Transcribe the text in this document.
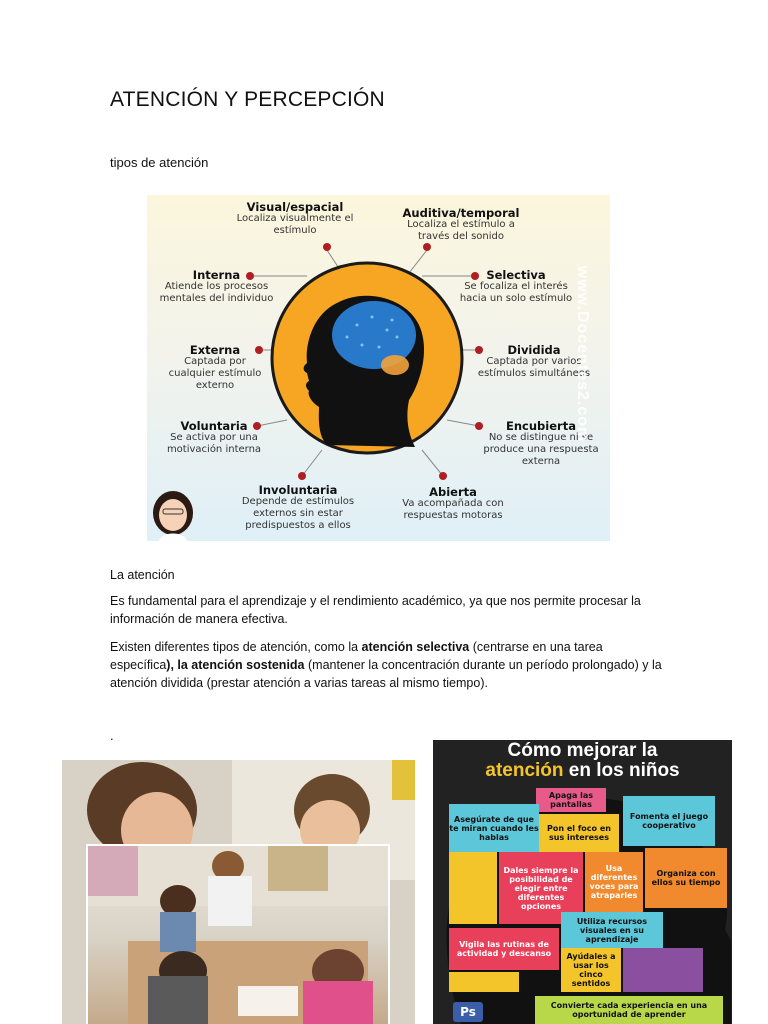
ATENCIÓN Y PERCEPCIÓN
tipos de atención
Visual/espacial
Localiza visualmente el estímulo
Auditiva/temporal
Localiza el estímulo a través del sonido
Interna
Atiende los procesos mentales del individuo
Selectiva
Se focaliza el interés hacia un solo estímulo
Externa
Captada por cualquier estímulo externo
Dividida
Captada por varios estímulos simultáneos
Voluntaria
Se activa por una motivación interna
Encubierta
No se distingue ni se produce una respuesta externa
Involuntaria
Depende de estímulos externos sin estar predispuestos a ellos
Abierta
Va acompañada con respuestas motoras
www.Docentes2.com
La atención
Es fundamental para el aprendizaje y el rendimiento académico, ya que nos permite procesar la información de manera efectiva.
Existen diferentes tipos de atención, como la atención selectiva (centrarse en una tarea específica), la atención sostenida (mantener la concentración durante un período prolongado) y la atención dividida (prestar atención a varias tareas al mismo tiempo).
.
Cómo mejorar la
atención en los niños
Apaga las pantallas
Asegúrate de que te miran cuando les hablas
Pon el foco en sus intereses
Fomenta el juego cooperativo
Dales siempre la posibilidad de elegir entre diferentes opciones
Usa diferentes voces para atraparles
Organiza con ellos su tiempo
Utiliza recursos visuales en su aprendizaje
Vigila las rutinas de actividad y descanso	Ayúdales a usar los cinco sentidos
Convierte cada experiencia en una oportunidad de aprender
Ps
